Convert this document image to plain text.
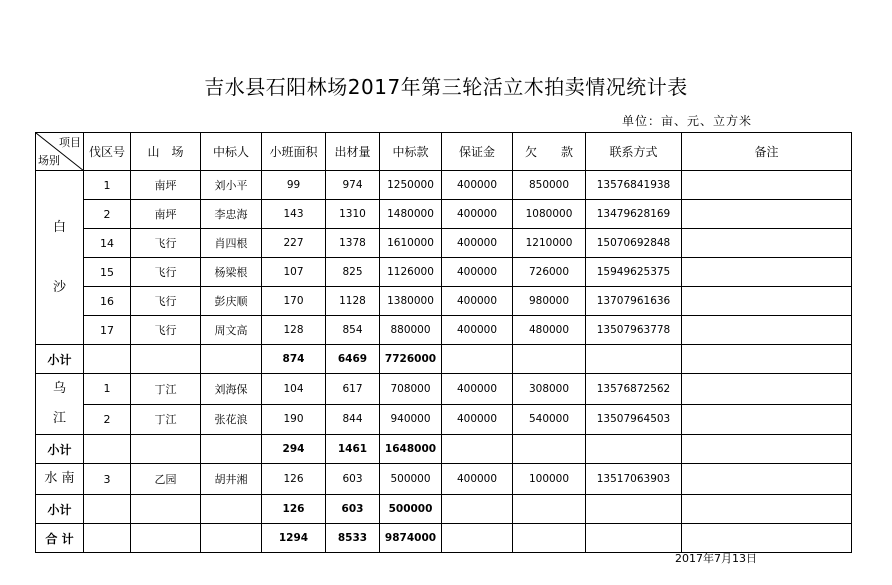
吉水县石阳林场2017年第三轮活立木拍卖情况统计表
单位：亩、元、立方米
项目
场别	伐区号	山　场	中标人	小班面积	出材量	中标款	保证金	欠　　款	联系方式	备注
白

沙	1	南坪	刘小平	99	974	1250000	400000	850000	13576841938	
	2	南坪	李忠海	143	1310	1480000	400000	1080000	13479628169	
	14	飞行	肖四根	227	1378	1610000	400000	1210000	15070692848	
	15	飞行	杨梁根	107	825	1126000	400000	726000	15949625375	
	16	飞行	彭庆顺	170	1128	1380000	400000	980000	13707961636	
	17	飞行	周文高	128	854	880000	400000	480000	13507963778	
小计				874	6469	7726000				
乌
江	1	丁江	刘海保	104	617	708000	400000	308000	13576872562	
	2	丁江	张花浪	190	844	940000	400000	540000	13507964503	
小计				294	1461	1648000				
水 南	3	乙园	胡井湘	126	603	500000	400000	100000	13517063903	
小计				126	603	500000				
合 计				1294	8533	9874000				
2017年7月13日
